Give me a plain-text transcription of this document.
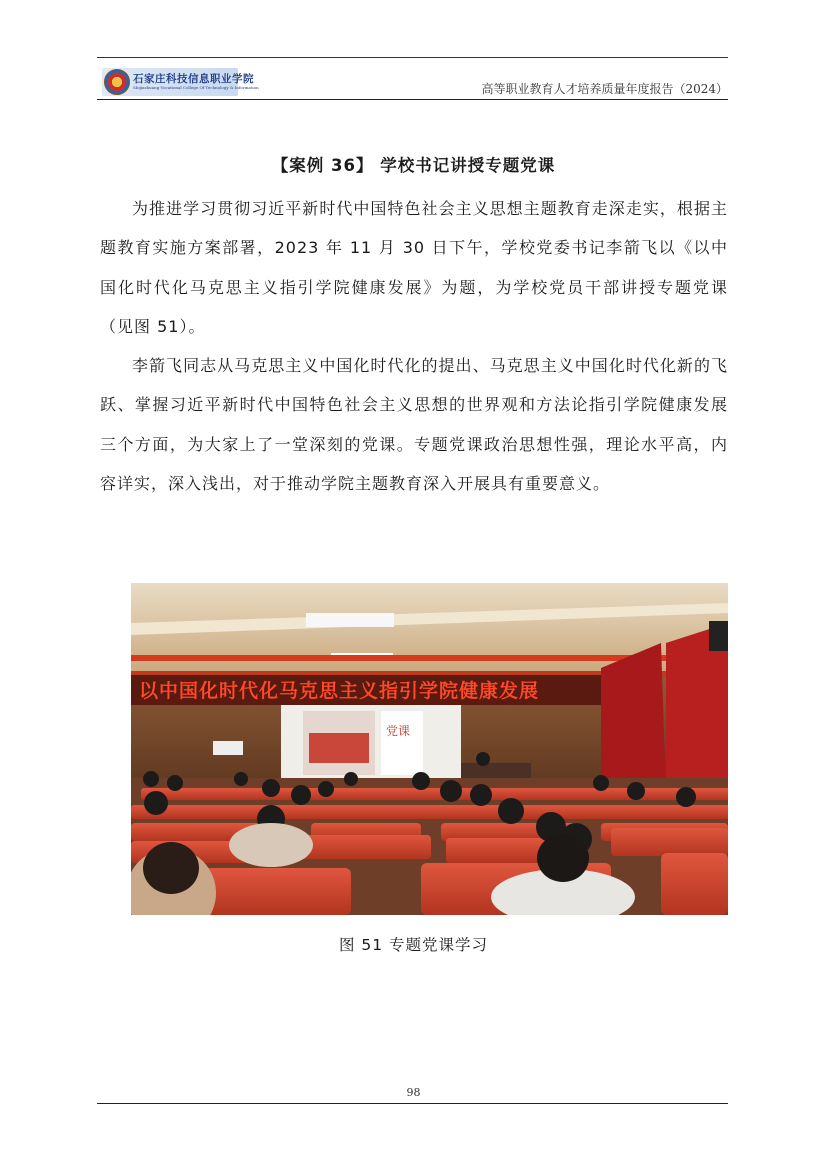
石家庄科技信息职业学院
Shijiazhuang Vocational College Of Technology & Information	高等职业教育人才培养质量年度报告（2024）
【案例 36】 学校书记讲授专题党课

为推进学习贯彻习近平新时代中国特色社会主义思想主题教育走深走实，根据主题教育实施方案部署，2023 年 11 月 30 日下午，学校党委书记李箭飞以《以中国化时代化马克思主义指引学院健康发展》为题，为学校党员干部讲授专题党课（见图 51）。

李箭飞同志从马克思主义中国化时代化的提出、马克思主义中国化时代化新的飞跃、掌握习近平新时代中国特色社会主义思想的世界观和方法论指引学院健康发展三个方面，为大家上了一堂深刻的党课。专题党课政治思想性强，理论水平高，内容详实，深入浅出，对于推动学院主题教育深入开展具有重要意义。

以中国化时代化马克思主义指引学院健康发展
党课
图 51 专题党课学习
98
